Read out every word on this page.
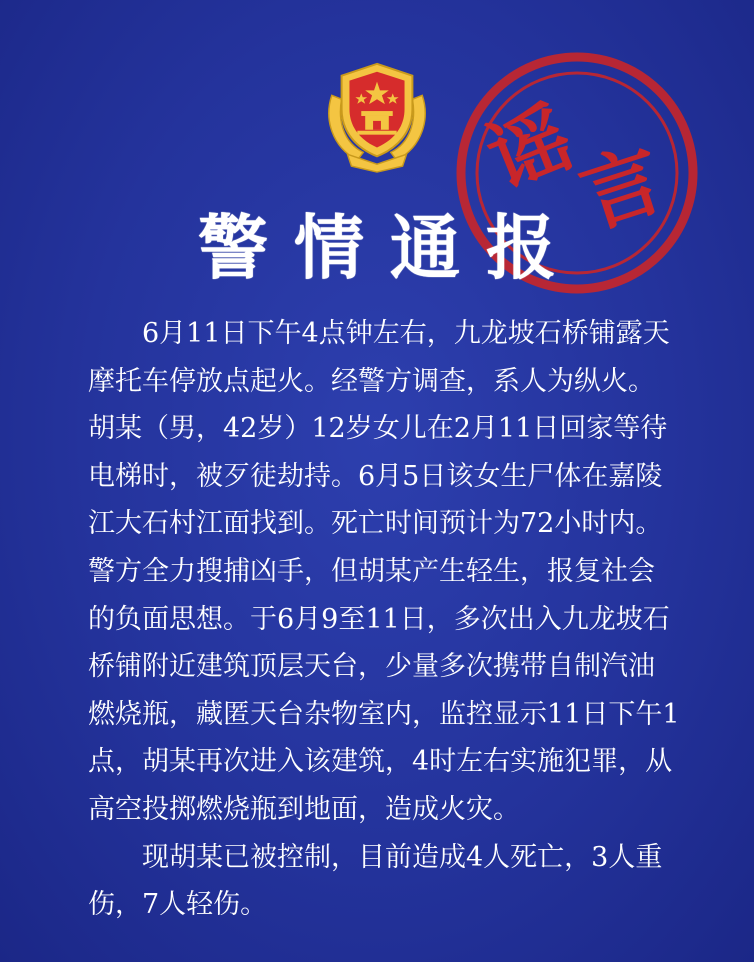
谣
言
警情通报
　　6月11日下午4点钟左右，九龙坡石桥铺露天
摩托车停放点起火。经警方调查，系人为纵火。
胡某（男，42岁）12岁女儿在2月11日回家等待
电梯时，被歹徒劫持。6月5日该女生尸体在嘉陵
江大石村江面找到。死亡时间预计为72小时内。
警方全力搜捕凶手，但胡某产生轻生，报复社会
的负面思想。于6月9至11日，多次出入九龙坡石
桥铺附近建筑顶层天台，少量多次携带自制汽油
燃烧瓶，藏匿天台杂物室内，监控显示11日下午1
点，胡某再次进入该建筑，4时左右实施犯罪，从
高空投掷燃烧瓶到地面，造成火灾。
　　现胡某已被控制，目前造成4人死亡，3人重
伤，7人轻伤。
